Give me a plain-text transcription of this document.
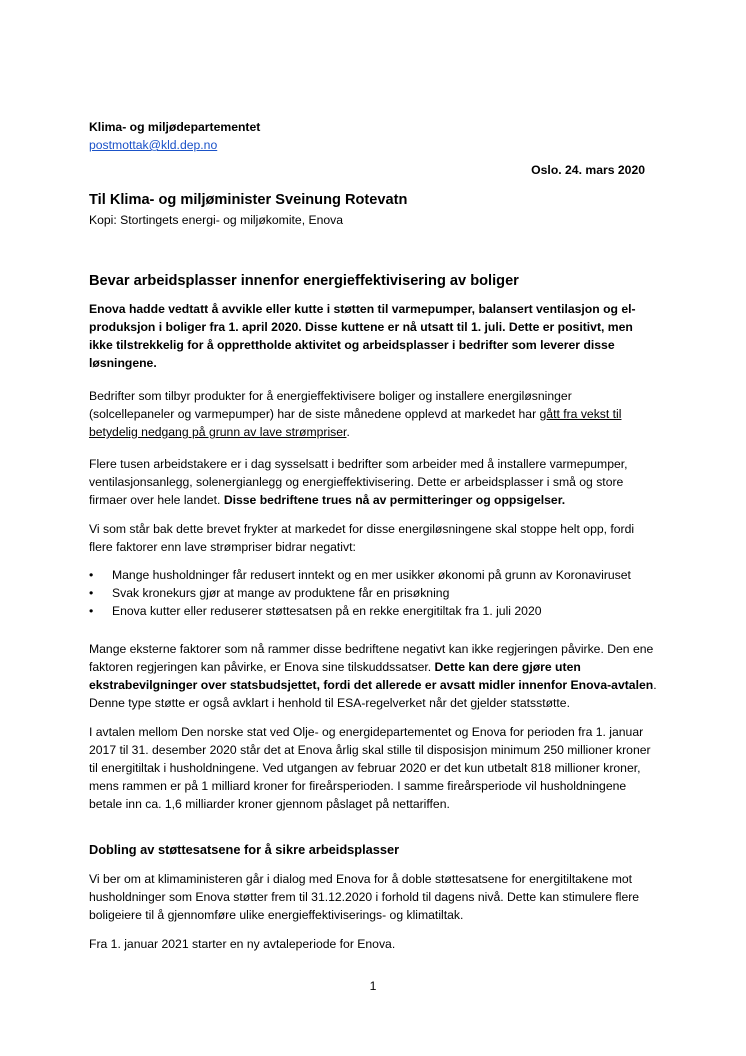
Klima- og miljødepartementet
postmottak@kld.dep.no
Oslo. 24. mars 2020
Til Klima- og miljøminister Sveinung Rotevatn
Kopi: Stortingets energi- og miljøkomite, Enova
Bevar arbeidsplasser innenfor energieffektivisering av boliger

Enova hadde vedtatt å avvikle eller kutte i støtten til varmepumper, balansert ventilasjon og el-produksjon i boliger fra 1. april 2020. Disse kuttene er nå utsatt til 1. juli. Dette er positivt, men ikke tilstrekkelig for å opprettholde aktivitet og arbeidsplasser i bedrifter som leverer disse løsningene.

Bedrifter som tilbyr produkter for å energieffektivisere boliger og installere energiløsninger (solcellepaneler og varmepumper) har de siste månedene opplevd at markedet har gått fra vekst til betydelig nedgang på grunn av lave strømpriser.

Flere tusen arbeidstakere er i dag sysselsatt i bedrifter som arbeider med å installere varmepumper, ventilasjonsanlegg, solenergianlegg og energieffektivisering. Dette er arbeidsplasser i små og store firmaer over hele landet. Disse bedriftene trues nå av permitteringer og oppsigelser.

Vi som står bak dette brevet frykter at markedet for disse energiløsningene skal stoppe helt opp, fordi flere faktorer enn lave strømpriser bidrar negativt:

• Mange husholdninger får redusert inntekt og en mer usikker økonomi på grunn av Koronaviruset
• Svak kronekurs gjør at mange av produktene får en prisøkning
• Enova kutter eller reduserer støttesatsen på en rekke energitiltak fra 1. juli 2020

Mange eksterne faktorer som nå rammer disse bedriftene negativt kan ikke regjeringen påvirke. Den ene faktoren regjeringen kan påvirke, er Enova sine tilskuddssatser. Dette kan dere gjøre uten ekstrabevilgninger over statsbudsjettet, fordi det allerede er avsatt midler innenfor Enova-avtalen. Denne type støtte er også avklart i henhold til ESA-regelverket når det gjelder statsstøtte.

I avtalen mellom Den norske stat ved Olje- og energidepartementet og Enova for perioden fra 1. januar 2017 til 31. desember 2020 står det at Enova årlig skal stille til disposisjon minimum 250 millioner kroner til energitiltak i husholdningene. Ved utgangen av februar 2020 er det kun utbetalt 818 millioner kroner, mens rammen er på 1 milliard kroner for fireårsperioden. I samme fireårsperiode vil husholdningene betale inn ca. 1,6 milliarder kroner gjennom påslaget på nettariffen.

Dobling av støttesatsene for å sikre arbeidsplasser

Vi ber om at klimaministeren går i dialog med Enova for å doble støttesatsene for energitiltakene mot husholdninger som Enova støtter frem til 31.12.2020 i forhold til dagens nivå. Dette kan stimulere flere boligeiere til å gjennomføre ulike energieffektiviserings- og klimatiltak.

Fra 1. januar 2021 starter en ny avtaleperiode for Enova.

1
